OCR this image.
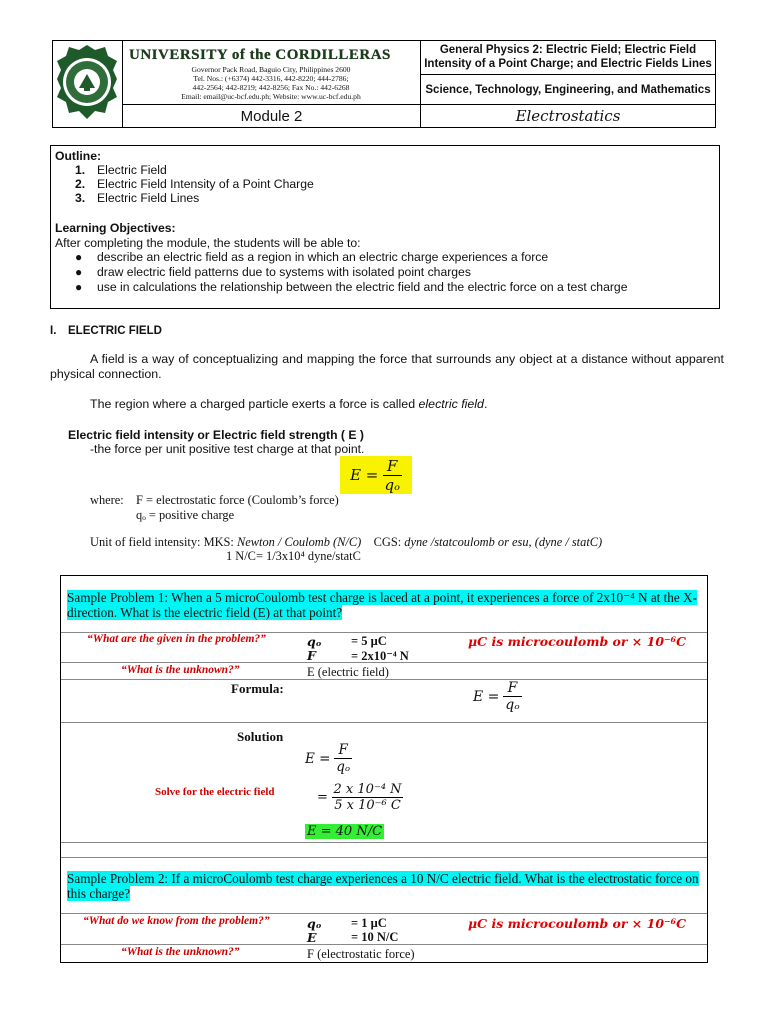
UNIVERSITY of the CORDILLERAS
Governor Pack Road, Baguio City, Philippines 2600
Tel. Nos.: (+6374) 442-3316, 442-8220; 444-2786;
442-2564; 442-8219; 442-8256; Fax No.: 442-6268
Email: email@uc-bcf.edu.ph; Website: www.uc-bcf.edu.ph
Module 2
General Physics 2: Electric Field; Electric Field Intensity of a Point Charge; and Electric Fields Lines
Science, Technology, Engineering, and Mathematics
Electrostatics
Outline:
1. Electric Field
2. Electric Field Intensity of a Point Charge
3. Electric Field Lines
Learning Objectives:
After completing the module, the students will be able to:
● describe an electric field as a region in which an electric charge experiences a force
● draw electric field patterns due to systems with isolated point charges
● use in calculations the relationship between the electric field and the electric force on a test charge
I. ELECTRIC FIELD
A field is a way of conceptualizing and mapping the force that surrounds any object at a distance without apparent physical connection.
The region where a charged particle exerts a force is called electric field.
Electric field intensity or Electric field strength ( E )
-the force per unit positive test charge at that point.
E =
$\frac{F}{\text{qₒ}}$
where: F = electrostatic force (Coulomb’s force)
qₒ = positive charge
Unit of field intensity: MKS: Newton / Coulomb (N/C) CGS: dyne /statcoulomb or esu, (dyne / statC)
1 N/C= 1/3x10⁴ dyne/statC
Sample Problem 1: When a 5 microCoulomb test charge is laced at a point, it experiences a force of 2x10⁻⁴ N at the X-direction. What is the electric field (E) at that point?
“What are the given in the problem?”	qₒ = 5 μC
F	= 2x10⁻⁴ N
μC is microcoulomb or × 10⁻⁶C
“What is the unknown?”	E (electric field)
Formula:	E =
$\frac{F}{\text{qₒ}}$
Solution
E =
$\frac{F}{\text{qₒ}}$
Solve for the electric field	=
$\frac{\text{2 x 10⁻⁴ N}}{\text{5 x 10⁻⁶ C}}$
E = 40 N/C
Sample Problem 2: If a microCoulomb test charge experiences a 10 N/C electric field. What is the electrostatic force on this charge?
“What do we know from the problem?”	qₒ = 1 μC
E	= 10 N/C
μC is microcoulomb or × 10⁻⁶C
“What is the unknown?”	F (electrostatic force)
